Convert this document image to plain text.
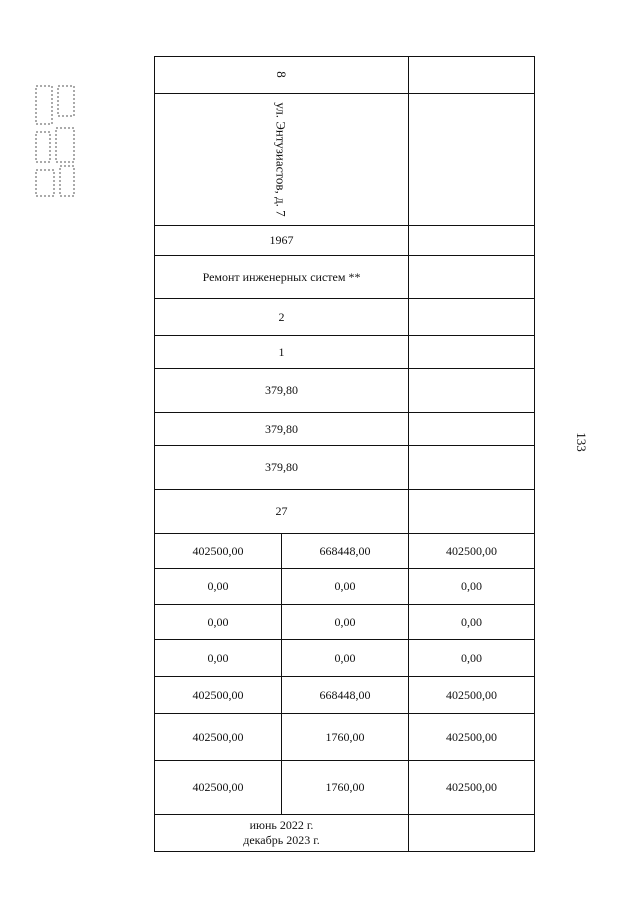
133
8		

ул. Энтузиастов, д. 7		

1967		
Ремонт инженерных систем **		
2		
1		
379,80		
379,80		
379,80		
27		
402500,00	668448,00	402500,00
0,00	0,00	0,00
0,00	0,00	0,00
0,00	0,00	0,00
402500,00	668448,00	402500,00
402500,00	1760,00	402500,00
402500,00	1760,00	402500,00

июнь 2022 г.
декабрь 2023 г.		
